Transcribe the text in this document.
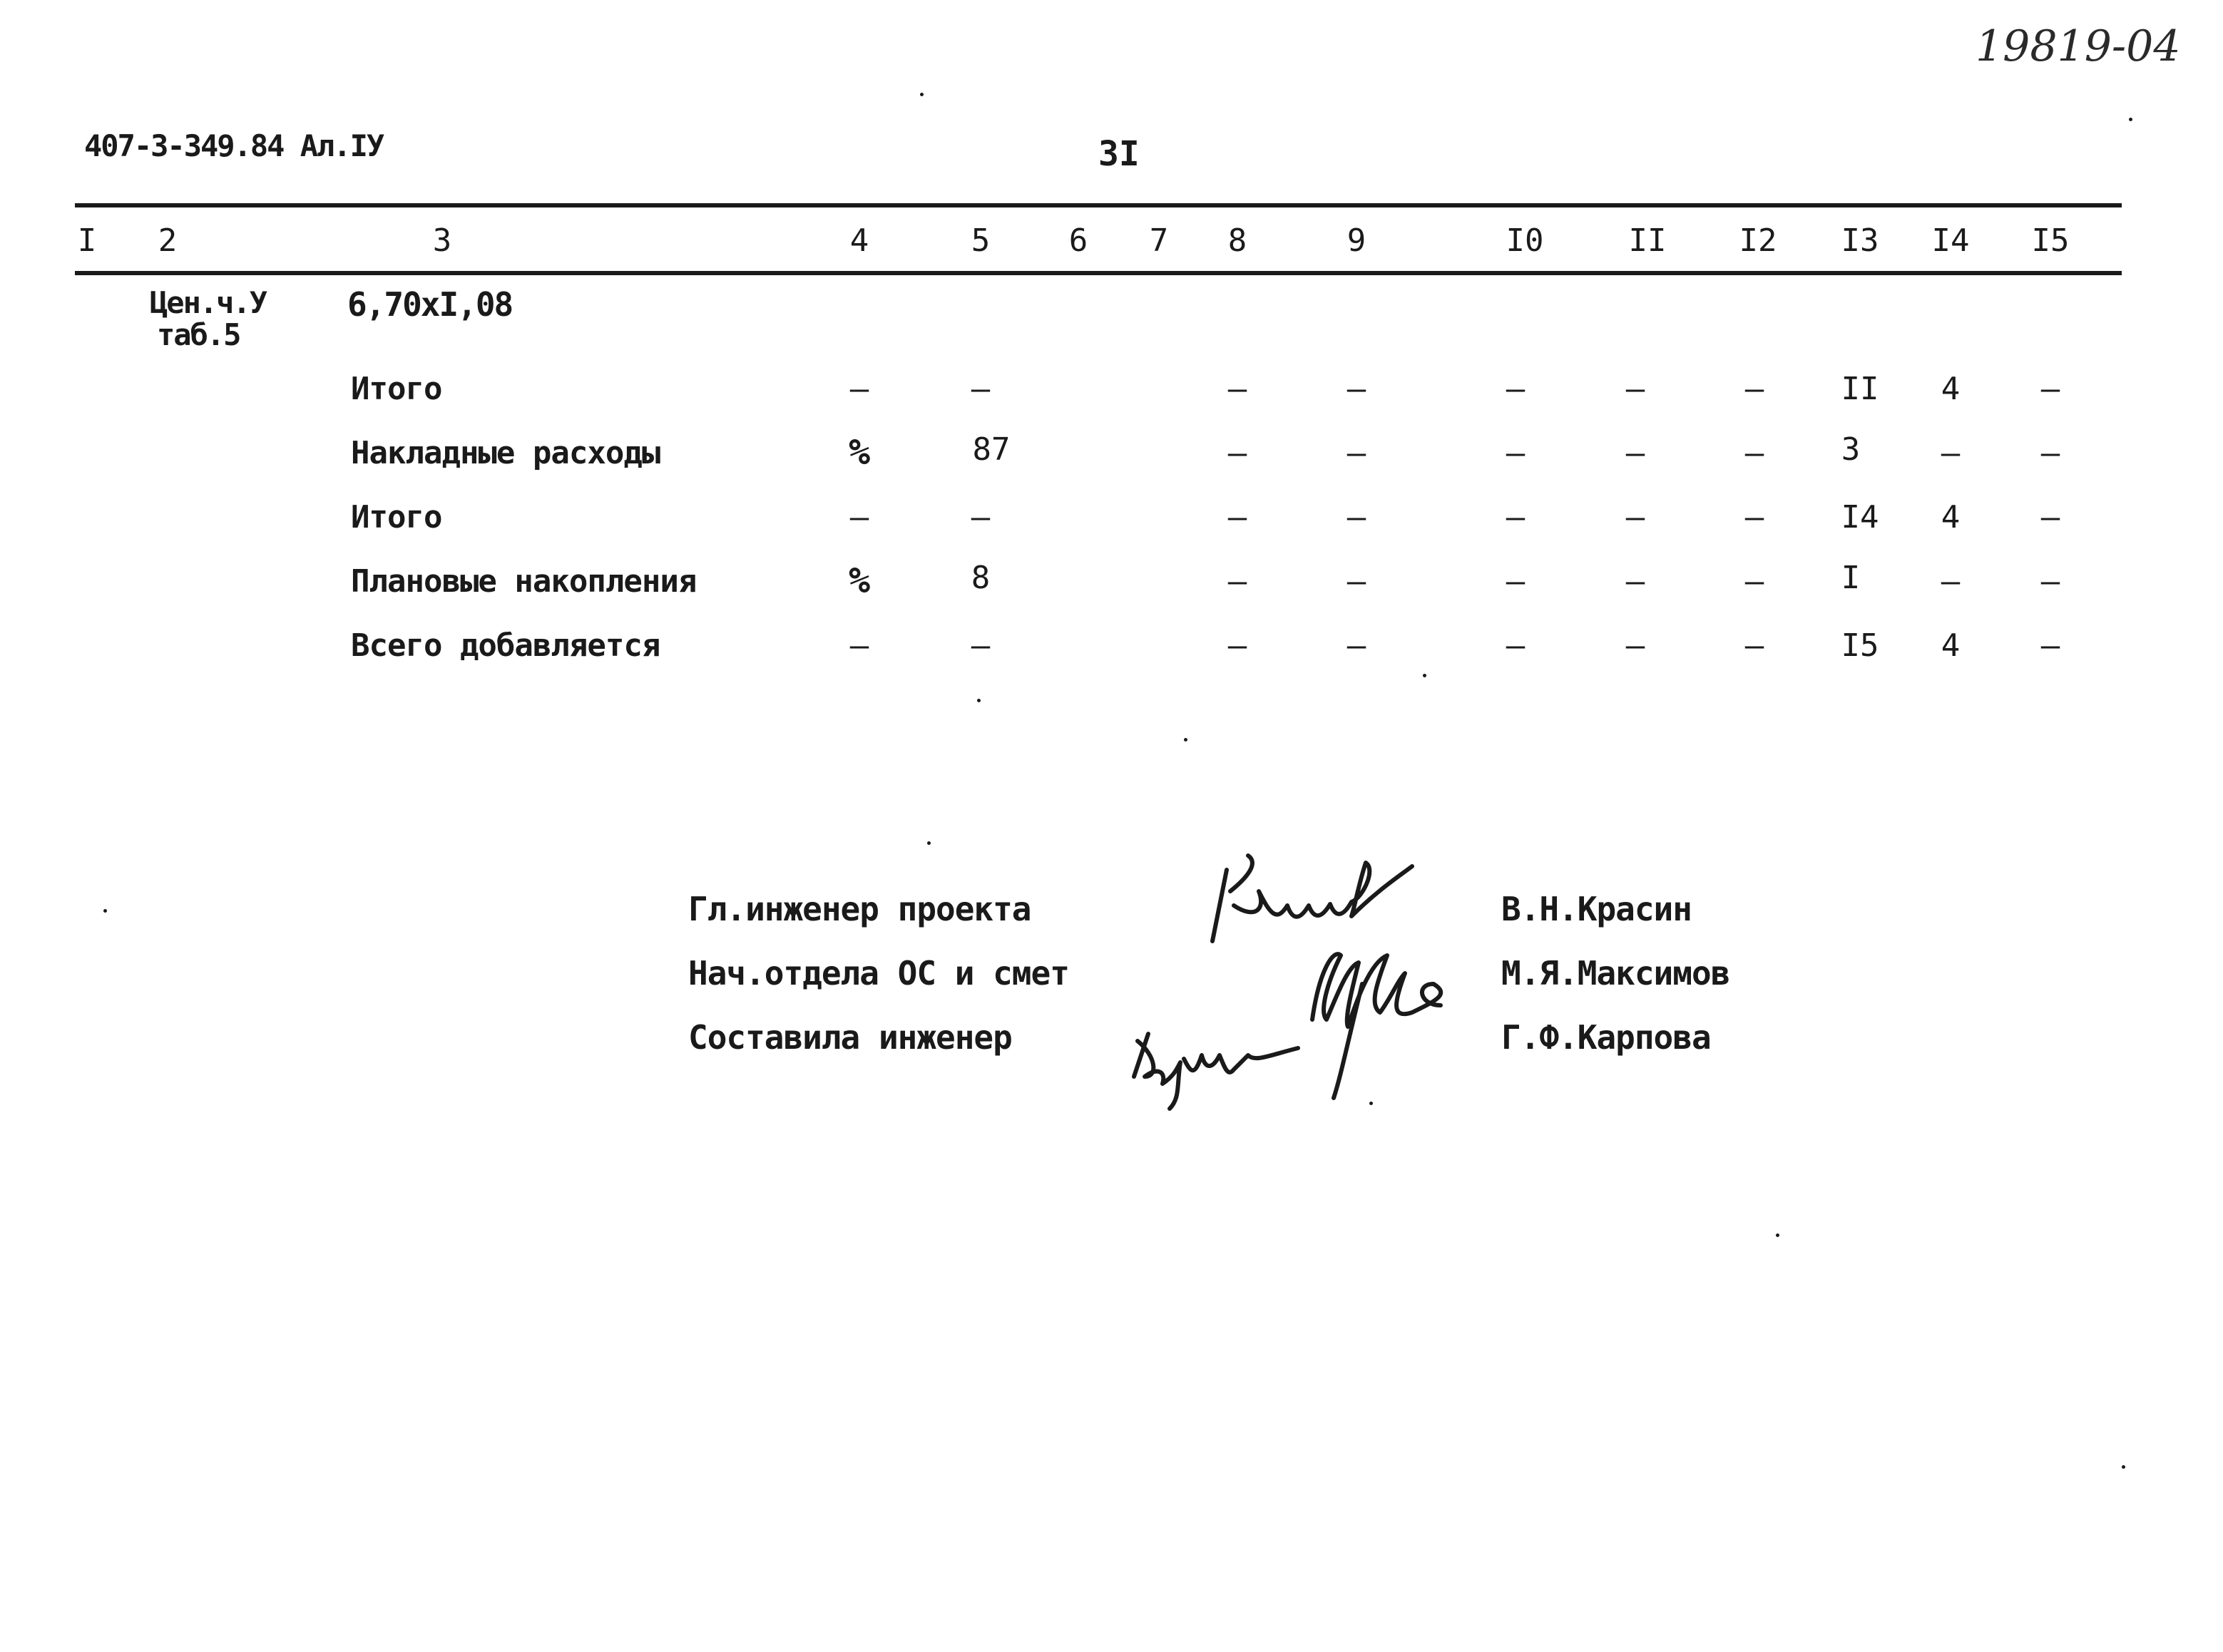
19819-04
407-3-349.84 Ал.IУ	3I
I	2	3	4	5	6	7	8	9	I0	II I2 I3 I4 I5
Цен.ч.У
таб.5
6,70хI,08
Итого	–	–	–	–	–	–	–	II	4	–
Накладные расходы	%	87	–	–	–	–	–	3	–	–
Итого	–	–	–	–	–	–	–	I4	4	–
Плановые накопления	%	8	–	–	–	–	–	I	–	–
Всего добавляется	–	–	–	–	–	–	–	I5	4	–
Гл.инженер проекта
Нач.отдела ОС и смет
Составила инженер
В.Н.Красин
М.Я.Максимов
Г.Ф.Карпова
